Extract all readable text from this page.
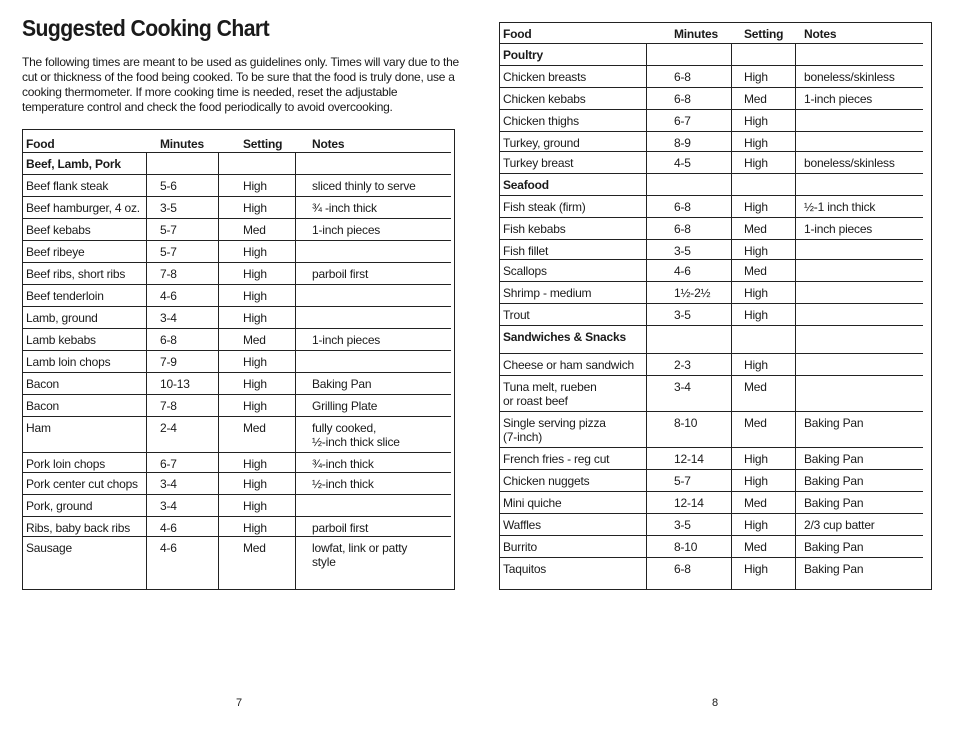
Suggested Cooking Chart
The following times are meant to be used as guidelines only. Times will vary due to the cut or thickness of the food being cooked. To be sure that the food is truly done, use a cooking thermometer. If more cooking time is needed, reset the adjustable temperature control and check the food periodically to avoid overcooking.
Food	Minutes	Setting Notes
Beef, Lamb, Pork
Beef flank steak	5-6	High	sliced thinly to serve
Beef hamburger, 4 oz. 3-5	High	¾ -inch thick
Beef kebabs	5-7	Med	1-inch pieces
Beef ribeye	5-7	High
Beef ribs, short ribs	7-8	High	parboil first
Beef tenderloin	4-6	High
Lamb, ground	3-4	High
Lamb kebabs	6-8	Med	1-inch pieces
Lamb loin chops	7-9	High
Bacon	10-13	High	Baking Pan
Bacon	7-8	High	Grilling Plate
Ham	2-4	Med	fully cooked,
½-inch thick slice
Pork loin chops	6-7	High	¾-inch thick
Pork center cut chops 3-4	High	½-inch thick
Pork, ground	3-4	High
Ribs, baby back ribs 4-6	High	parboil first
Sausage	4-6	Med	lowfat, link or patty
style
7
Food	Minutes Setting Notes
Poultry
Chicken breasts	6-8	High	boneless/skinless
Chicken kebabs	6-8	Med	1-inch pieces
Chicken thighs	6-7	High
Turkey, ground	8-9	High
Turkey breast	4-5	High	boneless/skinless
Seafood
Fish steak (firm)	6-8	High	½-1 inch thick
Fish kebabs	6-8	Med	1-inch pieces
Fish fillet	3-5	High
Scallops	4-6	Med
Shrimp - medium	1½-2½	High
Trout	3-5	High
Sandwiches & Snacks
Cheese or ham sandwich	2-3	High
Tuna melt, rueben
or roast beef
3-4	Med
Single serving pizza
(7-inch)
8-10	Med	Baking Pan
French fries - reg cut	12-14	High	Baking Pan
Chicken nuggets	5-7	High	Baking Pan
Mini quiche	12-14	Med	Baking Pan
Waffles	3-5	High	2/3 cup batter
Burrito	8-10	Med	Baking Pan
Taquitos	6-8	High	Baking Pan
8
